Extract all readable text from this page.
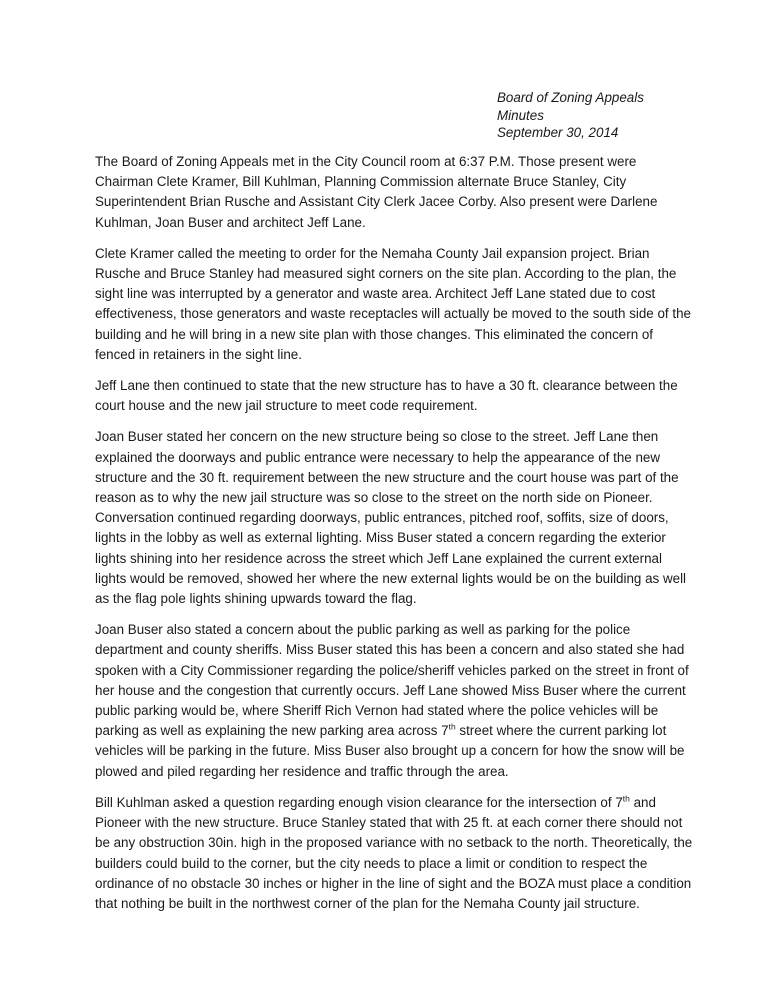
Board of Zoning Appeals
Minutes
September 30, 2014

The Board of Zoning Appeals met in the City Council room at 6:37 P.M. Those present were Chairman Clete Kramer, Bill Kuhlman, Planning Commission alternate Bruce Stanley, City Superintendent Brian Rusche and Assistant City Clerk Jacee Corby. Also present were Darlene Kuhlman, Joan Buser and architect Jeff Lane.

Clete Kramer called the meeting to order for the Nemaha County Jail expansion project. Brian Rusche and Bruce Stanley had measured sight corners on the site plan. According to the plan, the sight line was interrupted by a generator and waste area. Architect Jeff Lane stated due to cost effectiveness, those generators and waste receptacles will actually be moved to the south side of the building and he will bring in a new site plan with those changes. This eliminated the concern of fenced in retainers in the sight line.

Jeff Lane then continued to state that the new structure has to have a 30 ft. clearance between the court house and the new jail structure to meet code requirement.

Joan Buser stated her concern on the new structure being so close to the street. Jeff Lane then explained the doorways and public entrance were necessary to help the appearance of the new structure and the 30 ft. requirement between the new structure and the court house was part of the reason as to why the new jail structure was so close to the street on the north side on Pioneer. Conversation continued regarding doorways, public entrances, pitched roof, soffits, size of doors, lights in the lobby as well as external lighting. Miss Buser stated a concern regarding the exterior lights shining into her residence across the street which Jeff Lane explained the current external lights would be removed, showed her where the new external lights would be on the building as well as the flag pole lights shining upwards toward the flag.

Joan Buser also stated a concern about the public parking as well as parking for the police department and county sheriffs. Miss Buser stated this has been a concern and also stated she had spoken with a City Commissioner regarding the police/sheriff vehicles parked on the street in front of her house and the congestion that currently occurs. Jeff Lane showed Miss Buser where the current public parking would be, where Sheriff Rich Vernon had stated where the police vehicles will be parking as well as explaining the new parking area across 7th street where the current parking lot vehicles will be parking in the future. Miss Buser also brought up a concern for how the snow will be plowed and piled regarding her residence and traffic through the area.

Bill Kuhlman asked a question regarding enough vision clearance for the intersection of 7th and Pioneer with the new structure. Bruce Stanley stated that with 25 ft. at each corner there should not be any obstruction 30in. high in the proposed variance with no setback to the north. Theoretically, the builders could build to the corner, but the city needs to place a limit or condition to respect the ordinance of no obstacle 30 inches or higher in the line of sight and the BOZA must place a condition that nothing be built in the northwest corner of the plan for the Nemaha County jail structure.
